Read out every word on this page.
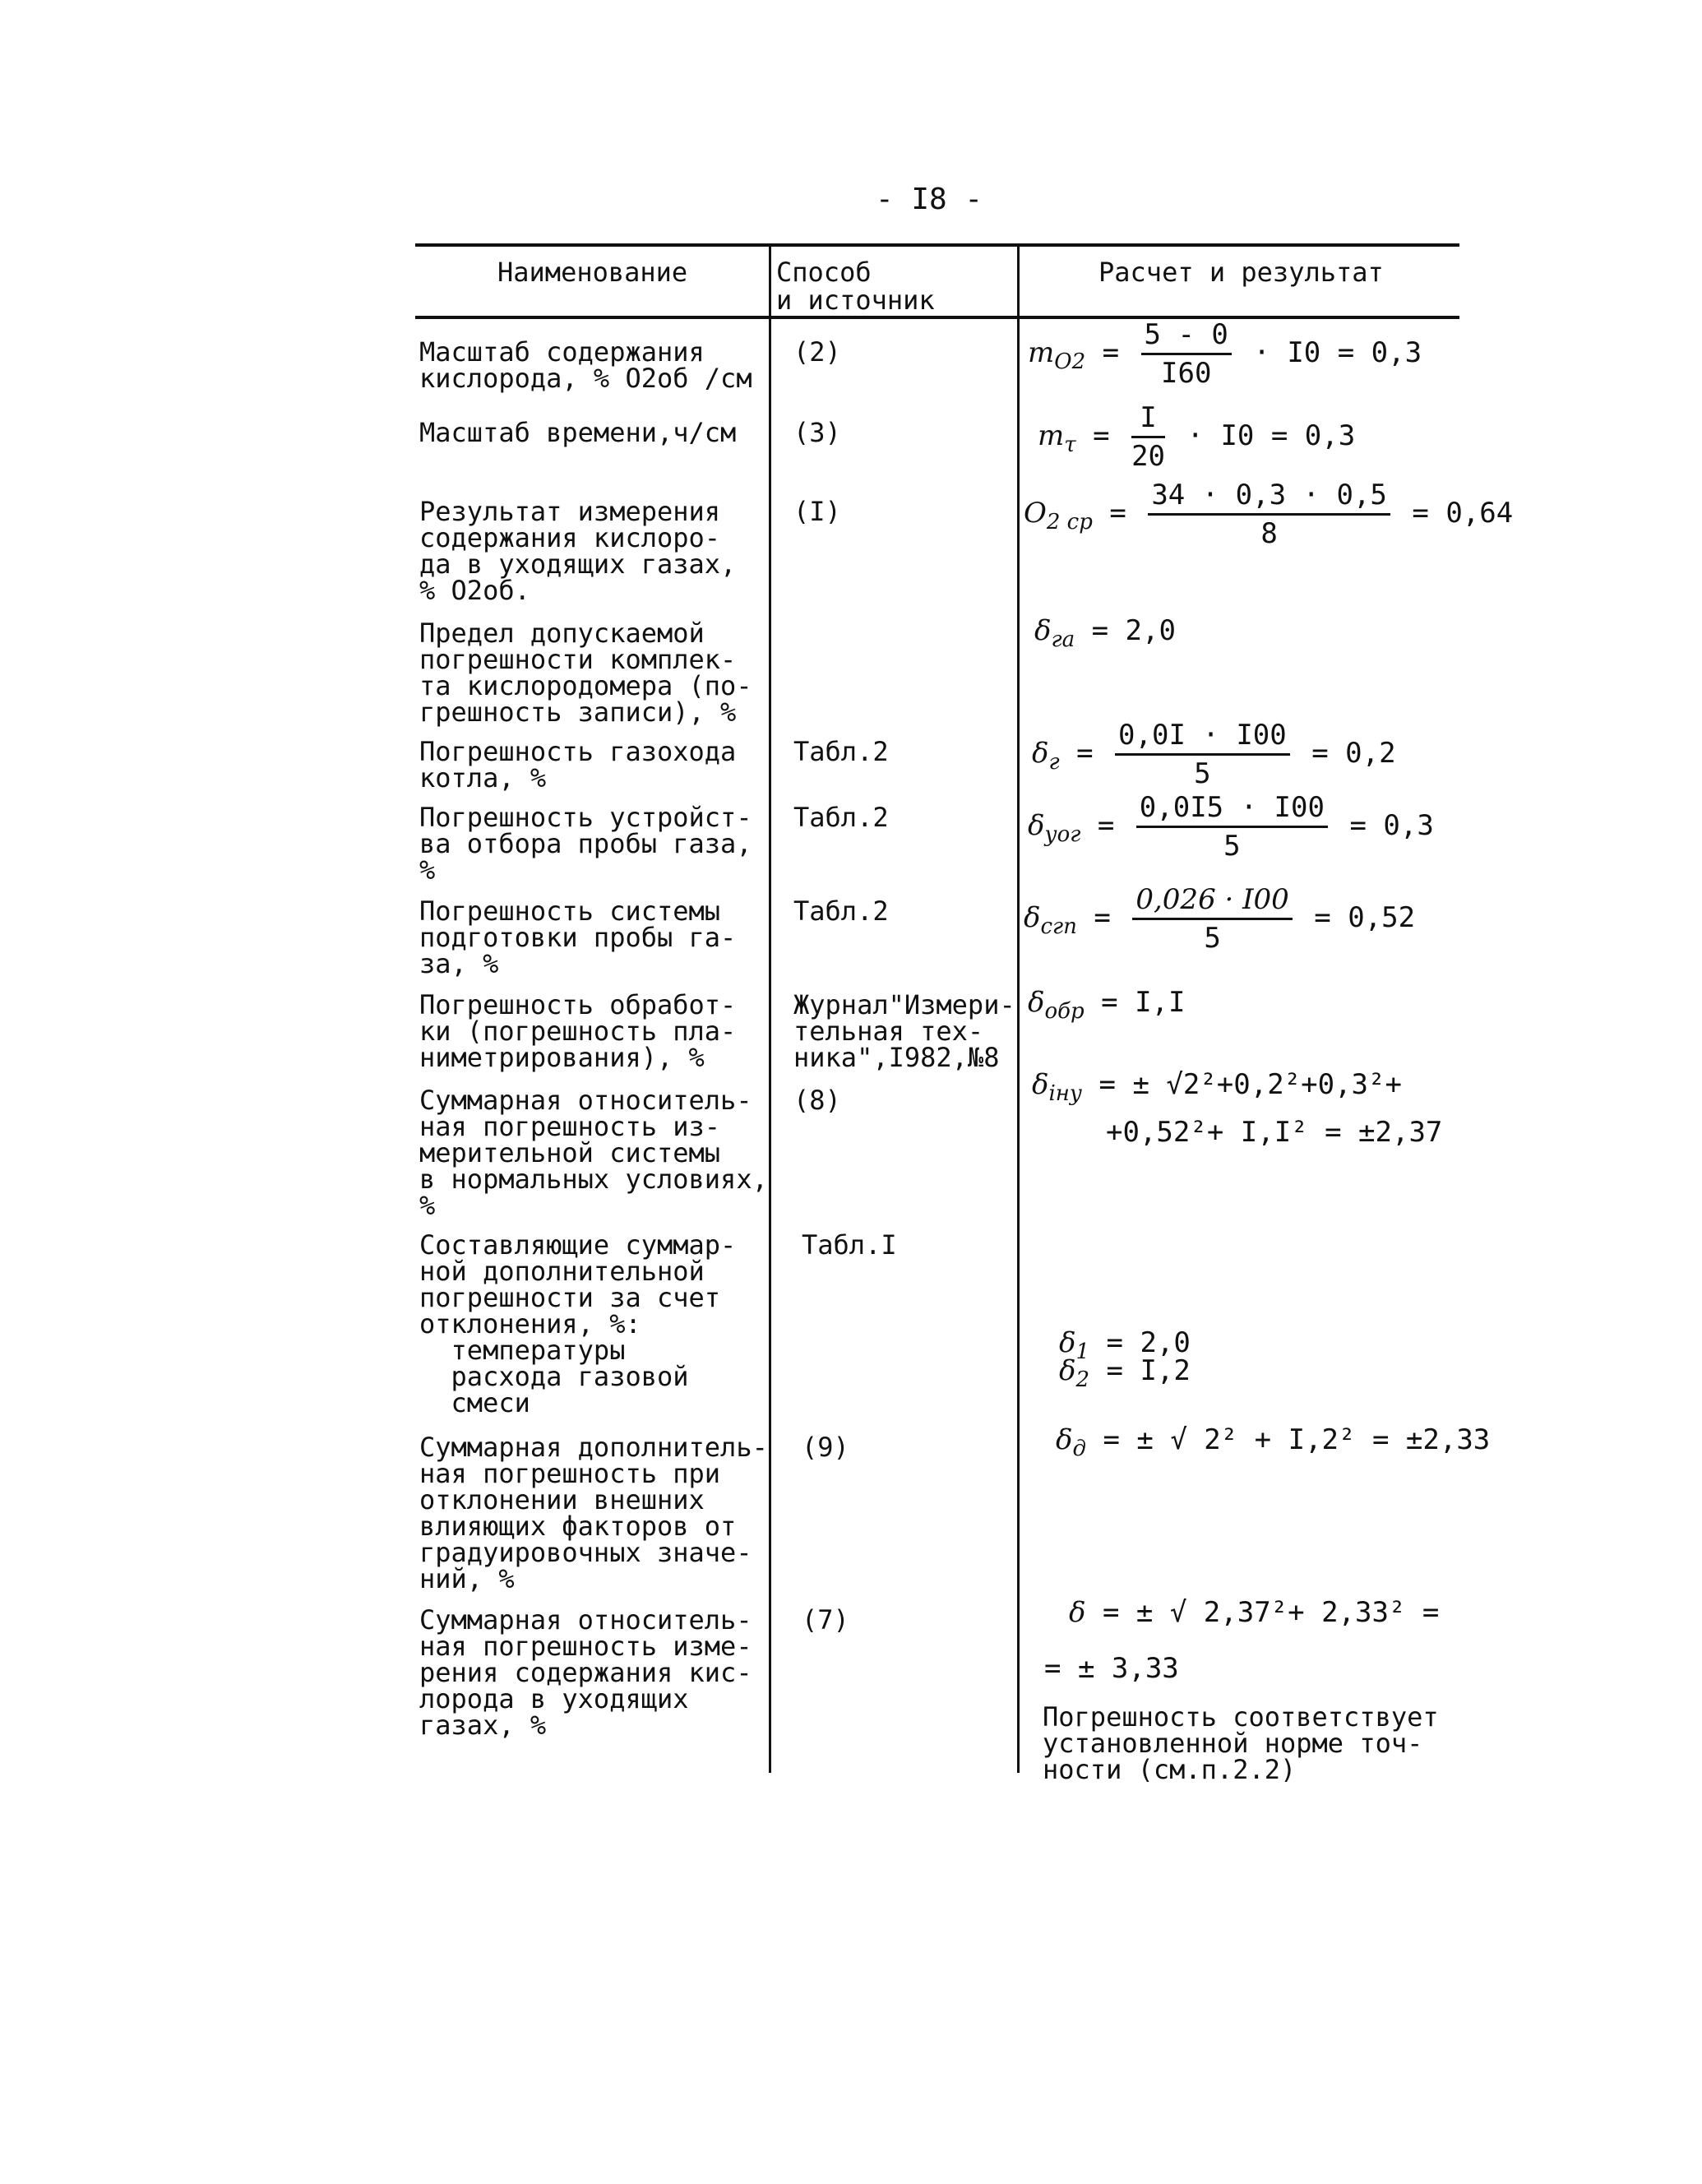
- I8 -
Наименование	Способ
и источник
Расчет и результат
Масштаб содержания
кислорода, % O2об /см
Масштаб времени,ч/см
Результат измерения
содержания кислоро-
да в уходящих газах,
% O2об.
Предел допускаемой
погрешности комплек-
та кислородомера (по-
грешность записи), %
Погрешность газохода
котла, %
Погрешность устройст-
ва отбора пробы газа,
%
Погрешность системы
подготовки пробы га-
за, %
Погрешность обработ-
ки (погрешность пла-
ниметрирования), %
Суммарная относитель-
ная погрешность из-
мерительной системы
в нормальных условиях,
%
Составляющие суммар-
ной дополнительной
погрешности за счет
отклонения, %:
температуры
расхода газовой
смеси
Суммарная дополнитель-
ная погрешность при
отклонении внешних
влияющих факторов от
градуировочных значе-
ний, %
Суммарная относитель-
ная погрешность изме-
рения содержания кис-
лорода в уходящих
газах, %
(2)
(3)
(I)
Табл.2
Табл.2
Табл.2
Журнал"Измери-
тельная тех-
ника",I982,№8
(8)
Табл.I
(9)
(7)
$m_{O2} = \frac{5 - 0}{I60} \cdot I0 = 0,3$
$m_\tau = \frac{I}{20} \cdot I0 = 0,3$
$O_{2 ср} = \frac{34 \cdot 0,3 \cdot 0,5}{8} = 0,64$
$\delta_{га} = 2,0$
$\delta_г = \frac{0,0I \cdot I00}{5} = 0,2$
$\delta_{уог} = \frac{0,0I5 \cdot I00}{5} = 0,3$
$\delta_{сгп} = \frac{0,026 \cdot I00}{5} = 0,52$
$\delta_{обр} = I,I$
$\delta_{iну}$ = ± √2²+0,2²+0,3²+
+0,52²+ I,I² = ±2,37
$\delta_1 = 2,0$
$\delta_2 = I,2$
$\delta_д$ = ± √ 2² + I,2² = ±2,33
δ = ± √ 2,37²+ 2,33² =
= ± 3,33
Погрешность соответствует
установленной норме точ-
ности (см.п.2.2)
